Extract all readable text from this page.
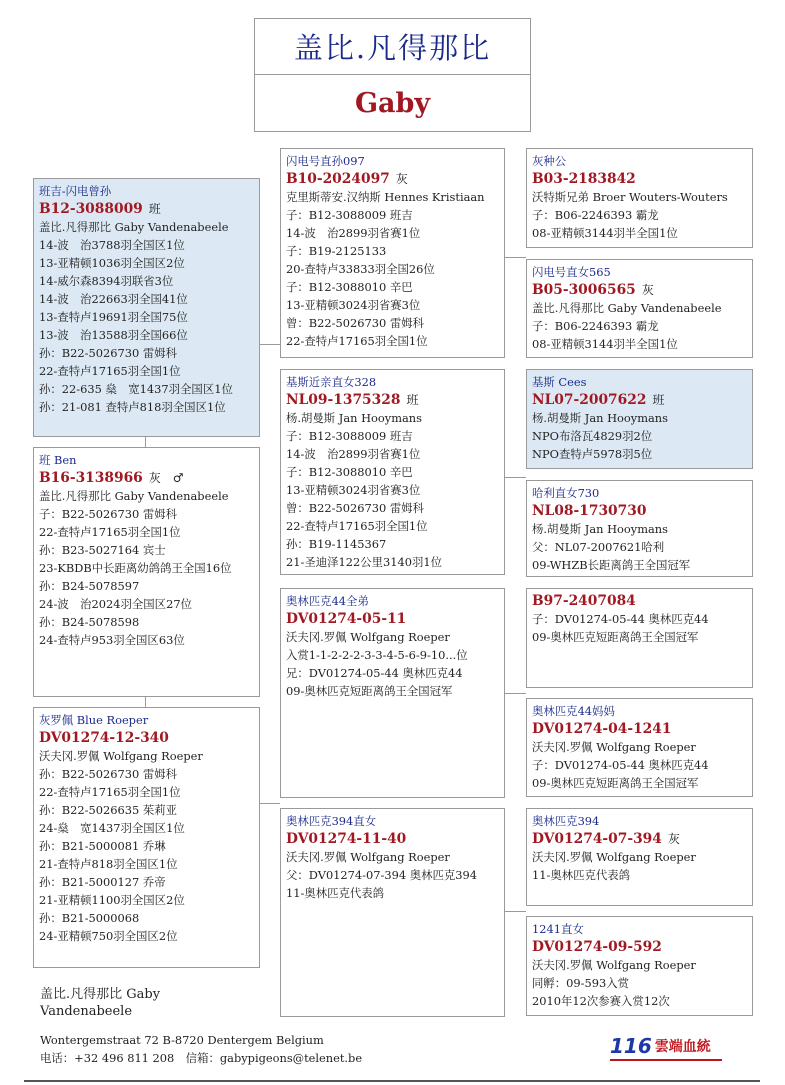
盖比.凡得那比
Gaby
班吉-闪电曾孙
B12-3088009 班
盖比.凡得那比 Gaby Vandenabeele
14-波　治3788羽全国区1位
13-亚精顿1036羽全国区2位
14-威尔森8394羽联省3位
14-波　治22663羽全国41位
13-查特卢19691羽全国75位
13-波　治13588羽全国66位
孙：B22-5026730 雷姆科
22-查特卢17165羽全国1位
孙：22-635 燊　宽1437羽全国区1位
孙：21-081 查特卢818羽全国区1位
班 Ben
B16-3138966 灰　♂
盖比.凡得那比 Gaby Vandenabeele
子：B22-5026730 雷姆科
22-查特卢17165羽全国1位
孙：B23-5027164 宾士
23-KBDB中长距离幼鸽鸽王全国16位
孙：B24-5078597
24-波　治2024羽全国区27位
孙：B24-5078598
24-查特卢953羽全国区63位
灰罗佩 Blue Roeper
DV01274-12-340
沃夫冈.罗佩 Wolfgang Roeper
孙：B22-5026730 雷姆科
22-查特卢17165羽全国1位
孙：B22-5026635 茱莉亚
24-燊　宽1437羽全国区1位
孙：B21-5000081 乔琳
21-查特卢818羽全国区1位
孙：B21-5000127 乔帝
21-亚精顿1100羽全国区2位
孙：B21-5000068
24-亚精顿750羽全国区2位
闪电号直孙097
B10-2024097 灰
克里斯蒂安.汉纳斯 Hennes Kristiaan
子：B12-3088009 班吉
14-波　治2899羽省赛1位
子：B19-2125133
20-查特卢33833羽全国26位
子：B12-3088010 辛巴
13-亚精顿3024羽省赛3位
曾：B22-5026730 雷姆科
22-查特卢17165羽全国1位
基斯近亲直女328
NL09-1375328 班
杨.胡曼斯 Jan Hooymans
子：B12-3088009 班吉
14-波　治2899羽省赛1位
子：B12-3088010 辛巴
13-亚精顿3024羽省赛3位
曾：B22-5026730 雷姆科
22-查特卢17165羽全国1位
孙：B19-1145367
21-圣迪泽122公里3140羽1位
奥林匹克44全弟
DV01274-05-11
沃夫冈.罗佩 Wolfgang Roeper
入赏1-1-2-2-2-3-3-4-5-6-9-10...位
兄：DV01274-05-44 奥林匹克44
09-奥林匹克短距离鸽王全国冠军
奥林匹克394直女
DV01274-11-40
沃夫冈.罗佩 Wolfgang Roeper
父：DV01274-07-394 奥林匹克394
11-奥林匹克代表鸽
灰种公
B03-2183842
沃特斯兄弟 Broer Wouters-Wouters
子：B06-2246393 霸龙
08-亚精顿3144羽半全国1位
闪电号直女565
B05-3006565 灰
盖比.凡得那比 Gaby Vandenabeele
子：B06-2246393 霸龙
08-亚精顿3144羽半全国1位
基斯 Cees
NL07-2007622 班
杨.胡曼斯 Jan Hooymans
NPO布洛瓦4829羽2位
NPO查特卢5978羽5位
哈利直女730
NL08-1730730
杨.胡曼斯 Jan Hooymans
父：NL07-2007621哈利
09-WHZB长距离鸽王全国冠军
B97-2407084
子：DV01274-05-44 奥林匹克44
09-奥林匹克短距离鸽王全国冠军
奥林匹克44妈妈
DV01274-04-1241
沃夫冈.罗佩 Wolfgang Roeper
子：DV01274-05-44 奥林匹克44
09-奥林匹克短距离鸽王全国冠军
奥林匹克394
DV01274-07-394 灰
沃夫冈.罗佩 Wolfgang Roeper
11-奥林匹克代表鸽
1241直女
DV01274-09-592
沃夫冈.罗佩 Wolfgang Roeper
同孵：09-593入赏
2010年12次参赛入赏12次
盖比.凡得那比 Gaby Vandenabeele
Wontergemstraat 72 B-8720 Dentergem Belgium
电话：+32 496 811 208　信箱：gabypigeons@telenet.be	116 雲端血統
